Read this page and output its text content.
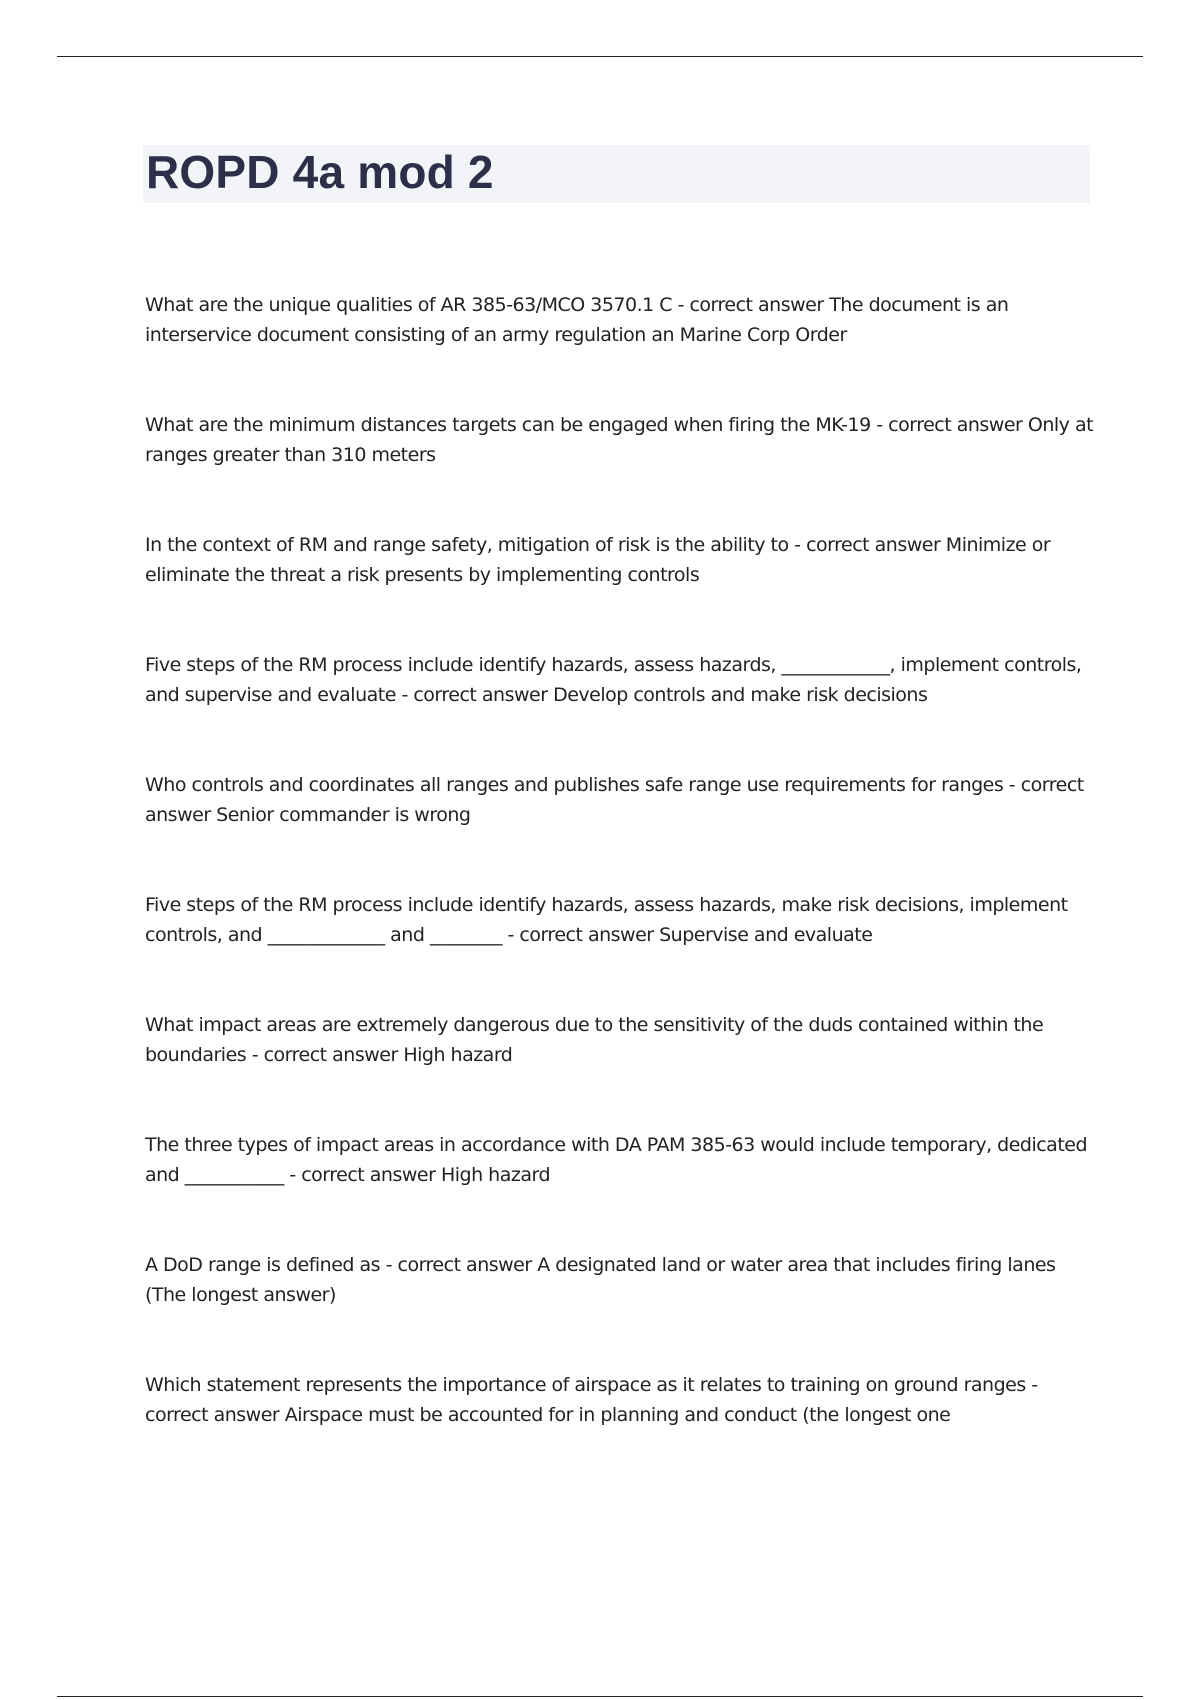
ROPD 4a mod 2

What are the unique qualities of AR 385-63/MCO 3570.1 C - correct answer The document is an interservice document consisting of an army regulation an Marine Corp Order

What are the minimum distances targets can be engaged when firing the MK-19 - correct answer Only at ranges greater than 310 meters

In the context of RM and range safety, mitigation of risk is the ability to - correct answer Minimize or eliminate the threat a risk presents by implementing controls

Five steps of the RM process include identify hazards, assess hazards, ____________, implement controls, and supervise and evaluate - correct answer Develop controls and make risk decisions

Who controls and coordinates all ranges and publishes safe range use requirements for ranges - correct answer Senior commander is wrong

Five steps of the RM process include identify hazards, assess hazards, make risk decisions, implement controls, and _____________ and ________ - correct answer Supervise and evaluate

What impact areas are extremely dangerous due to the sensitivity of the duds contained within the boundaries - correct answer High hazard

The three types of impact areas in accordance with DA PAM 385-63 would include temporary, dedicated and ___________ - correct answer High hazard

A DoD range is defined as - correct answer A designated land or water area that includes firing lanes (The longest answer)

Which statement represents the importance of airspace as it relates to training on ground ranges - correct answer Airspace must be accounted for in planning and conduct (the longest one
